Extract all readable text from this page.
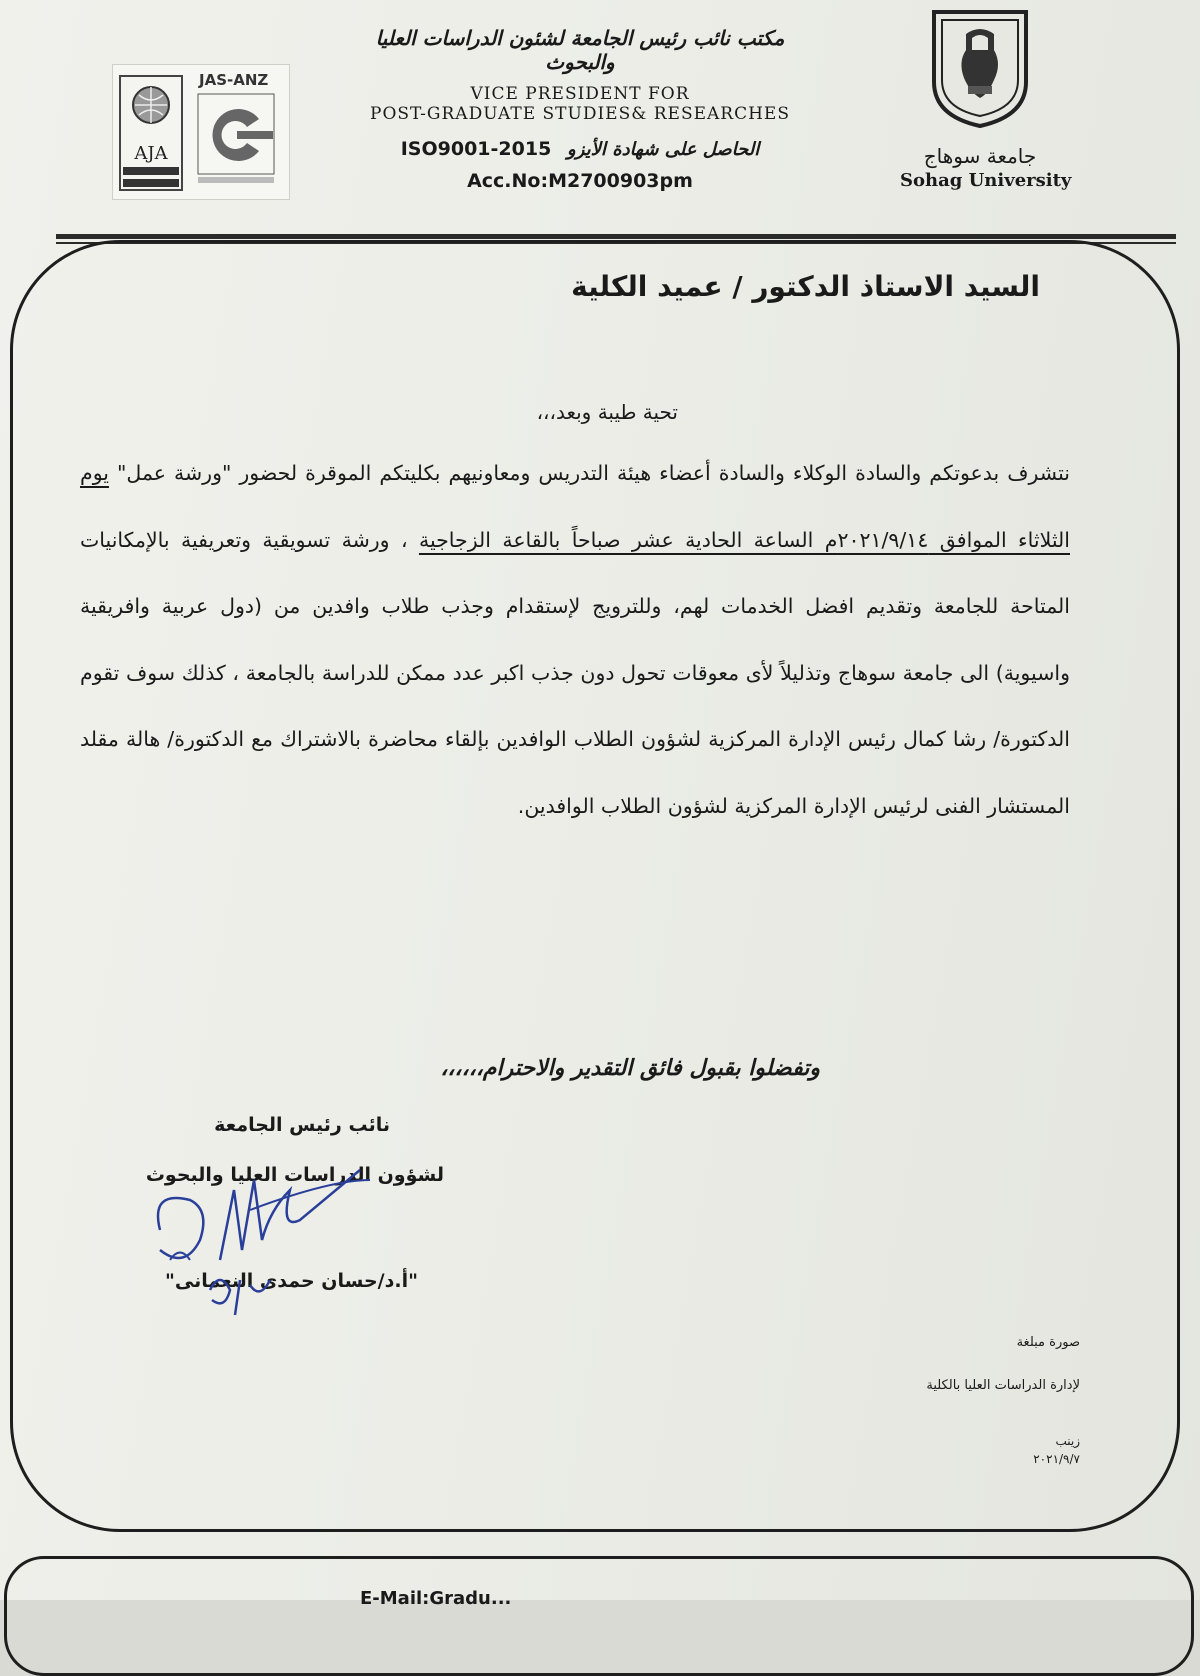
جامعة سوهاج
Sohag University
مكتب نائب رئيس الجامعة لشئون الدراسات العليا والبحوث
VICE PRESIDENT FOR
POST-GRADUATE STUDIES& RESEARCHES
الحاصل على شهادة الأيزو ISO9001-2015
Acc.No:M2700903pm
AJA
JAS-ANZ
E-Mail:Gradu...
السيد الاستاذ الدكتور / عميد الكلية
تحية طيبة وبعد،،،
نتشرف بدعوتكم والسادة الوكلاء والسادة أعضاء هيئة التدريس ومعاونيهم بكليتكم الموقرة لحضور "ورشة عمل" يوم الثلاثاء الموافق ٢٠٢١/٩/١٤م الساعة الحادية عشر صباحاً بالقاعة الزجاجية ، ورشة تسويقية وتعريفية بالإمكانيات المتاحة للجامعة وتقديم افضل الخدمات لهم، وللترويج لإستقدام وجذب طلاب وافدين من (دول عربية وافريقية واسيوية) الى جامعة سوهاج وتذليلاً لأى معوقات تحول دون جذب اكبر عدد ممكن للدراسة بالجامعة ، كذلك سوف تقوم الدكتورة/ رشا كمال رئيس الإدارة المركزية لشؤون الطلاب الوافدين بإلقاء محاضرة بالاشتراك مع الدكتورة/ هالة مقلد المستشار الفنى لرئيس الإدارة المركزية لشؤون الطلاب الوافدين.
وتفضلوا بقبول فائق التقدير والاحترام،،،،،،
نائب رئيس الجامعة
لشؤون الدراسات العليا والبحوث
"أ.د/حسان حمدى النعمانى"
صورة مبلغة
لإدارة الدراسات العليا بالكلية
زينب
٢٠٢١/٩/٧
